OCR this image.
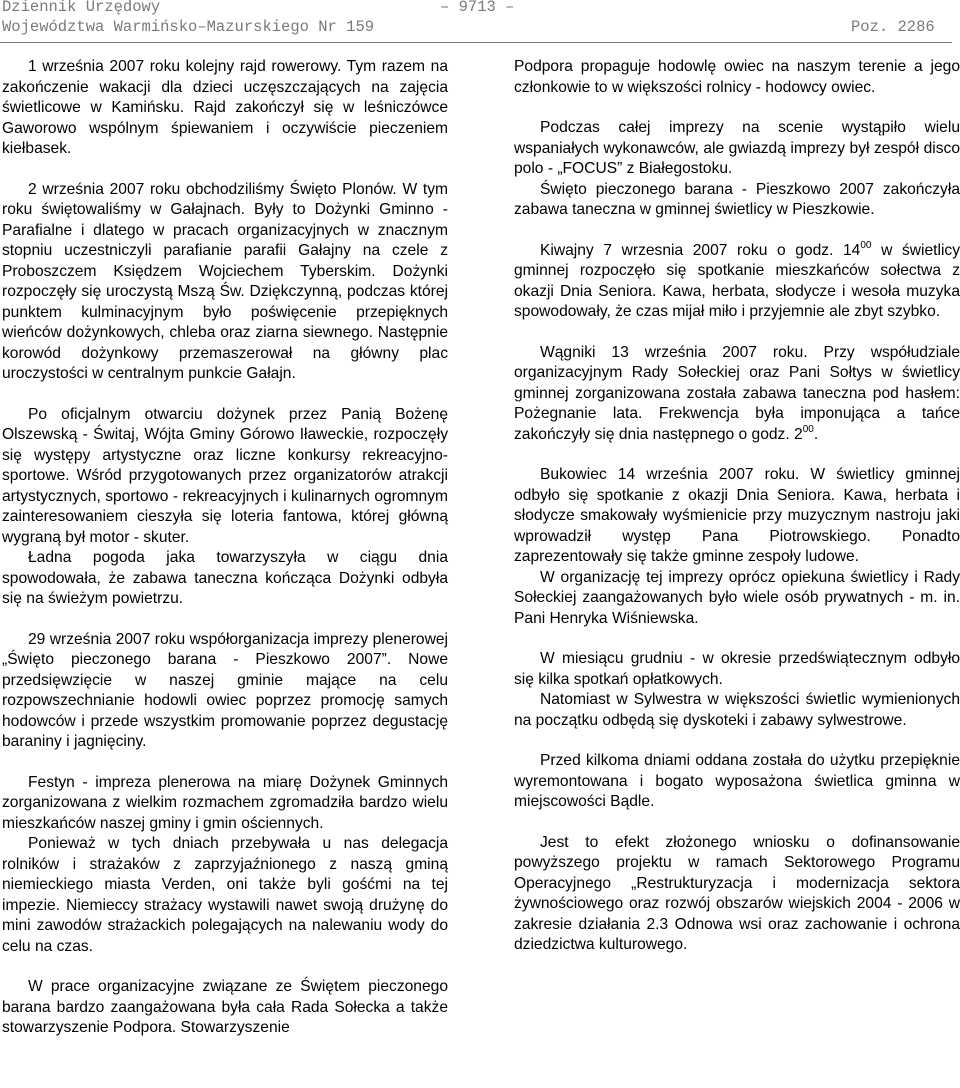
Dziennik Urzędowy
Województwa Warmińsko–Mazurskiego Nr 159
– 9713 –
Poz. 2286

1 września 2007 roku kolejny rajd rowerowy. Tym razem na zakończenie wakacji dla dzieci uczęszczających na zajęcia świetlicowe w Kamińsku. Rajd zakończył się w leśniczówce Gaworowo wspólnym śpiewaniem i oczywiście pieczeniem kiełbasek.

2 września 2007 roku obchodziliśmy Święto Plonów. W tym roku świętowaliśmy w Gałajnach. Były to Dożynki Gminno - Parafialne i dlatego w pracach organizacyjnych w znacznym stopniu uczestniczyli parafianie parafii Gałajny na czele z Proboszczem Księdzem Wojciechem Tyberskim. Dożynki rozpoczęły się uroczystą Mszą Św. Dziękczynną, podczas której punktem kulminacyjnym było poświęcenie przepięknych wieńców dożynkowych, chleba oraz ziarna siewnego. Następnie korowód dożynkowy przemaszerował na główny plac uroczystości w centralnym punkcie Gałajn.

Po oficjalnym otwarciu dożynek przez Panią Bożenę Olszewską - Świtaj, Wójta Gminy Górowo Iławeckie, rozpoczęły się występy artystyczne oraz liczne konkursy rekreacyjno-sportowe. Wśród przygotowanych przez organizatorów atrakcji artystycznych, sportowo - rekreacyjnych i kulinarnych ogromnym zainteresowaniem cieszyła się loteria fantowa, której główną wygraną był motor - skuter.

Ładna pogoda jaka towarzyszyła w ciągu dnia spowodowała, że zabawa taneczna kończąca Dożynki odbyła się na świeżym powietrzu.

29 września 2007 roku współorganizacja imprezy plenerowej „Święto pieczonego barana - Pieszkowo 2007”. Nowe przedsięwzięcie w naszej gminie mające na celu rozpowszechnianie hodowli owiec poprzez promocję samych hodowców i przede wszystkim promowanie poprzez degustację baraniny i jagnięciny.

Festyn - impreza plenerowa na miarę Dożynek Gminnych zorganizowana z wielkim rozmachem zgromadziła bardzo wielu mieszkańców naszej gminy i gmin ościennych.

Ponieważ w tych dniach przebywała u nas delegacja rolników i strażaków z zaprzyjaźnionego z naszą gminą niemieckiego miasta Verden, oni także byli gośćmi na tej impezie. Niemieccy strażacy wystawili nawet swoją drużynę do mini zawodów strażackich polegających na nalewaniu wody do celu na czas.

W prace organizacyjne związane ze Świętem pieczonego barana bardzo zaangażowana była cała Rada Sołecka a także stowarzyszenie Podpora. Stowarzyszenie

Podpora propaguje hodowlę owiec na naszym terenie a jego członkowie to w większości rolnicy - hodowcy owiec.

Podczas całej imprezy na scenie wystąpiło wielu wspaniałych wykonawców, ale gwiazdą imprezy był zespół disco polo - „FOCUS” z Białegostoku.

Święto pieczonego barana - Pieszkowo 2007 zakończyła zabawa taneczna w gminnej świetlicy w Pieszkowie.

Kiwajny 7 wrzesnia 2007 roku o godz. $14^{00}$ w świetlicy gminnej rozpoczęło się spotkanie mieszkańców sołectwa z okazji Dnia Seniora. Kawa, herbata, słodycze i wesoła muzyka spowodowały, że czas mijał miło i przyjemnie ale zbyt szybko.

Wągniki 13 września 2007 roku. Przy współudziale organizacyjnym Rady Sołeckiej oraz Pani Sołtys w świetlicy gminnej zorganizowana została zabawa taneczna pod hasłem: Pożegnanie lata. Frekwencja była imponująca a tańce zakończyły się dnia następnego o godz. $2^{00}$.

Bukowiec 14 września 2007 roku. W świetlicy gminnej odbyło się spotkanie z okazji Dnia Seniora. Kawa, herbata i słodycze smakowały wyśmienicie przy muzycznym nastroju jaki wprowadził występ Pana Piotrowskiego. Ponadto zaprezentowały się także gminne zespoły ludowe.

W organizację tej imprezy oprócz opiekuna świetlicy i Rady Sołeckiej zaangażowanych było wiele osób prywatnych - m. in. Pani Henryka Wiśniewska.

W miesiącu grudniu - w okresie przedświątecznym odbyło się kilka spotkań opłatkowych.

Natomiast w Sylwestra w większości świetlic wymienionych na początku odbędą się dyskoteki i zabawy sylwestrowe.

Przed kilkoma dniami oddana została do użytku przepięknie wyremontowana i bogato wyposażona świetlica gminna w miejscowości Bądle.

Jest to efekt złożonego wniosku o dofinansowanie powyższego projektu w ramach Sektorowego Programu Operacyjnego „Restrukturyzacja i modernizacja sektora żywnościowego oraz rozwój obszarów wiejskich 2004 - 2006 w zakresie działania 2.3 Odnowa wsi oraz zachowanie i ochrona dziedzictwa kulturowego.
